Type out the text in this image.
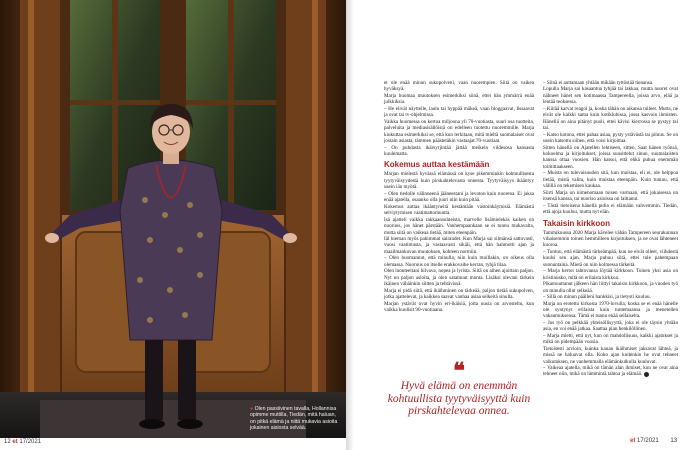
● Olen passiivinen tavalla, Hollannisa opimme muttilla, Tiedän, mitä haluan, on pitkä elämä ja niitä mukavia asioita jokainen aisiosta selvää.
12 et 17/2021

et ole enää minun sukupolveni, vaan nuorempien. Siitä on vaikea hyväksyä.

Marja huomaa muutoksen esimerkiksi siinä, ettei hän ymmärrä enää julkkiksia.

– He elivät näyttelle, laulu tai hyppää mäkeä, vaan bloggaavat, lissaavat ja ovat tai tv-ohjelmissa.

Vaikka huomessa on kertoa miljoona yli 70-vuotiasta, suuri osa tuotteita, palveluita ja mediasisällöistä on edelleen tuotettu nuoremmille. Marja kiukuttaa esimerkiksi se, että kun terkitaan, mitä mieltä suomalaiset ovat jostain asiasta, tämmen päästetäkin vastaajat 70-vuotiaat.

– On puhdasta ikärsyrjintää jättää meikein vildesosa kansasta kuulematta.

Kokemus auttaa kestämään

Marjan mielestä hyvässä elämässä on kyse pikemminkin kohtuullisesta tyytyväisyydestä kuin pirskahtelevasta onnesta. Tyytyväisyys ikääntyy usein iän myötä.

– Olen tiedolle välinneenä jääneestani ja levoton kuin nuorena. Ei jaksa enää ajatella, osaanko olla juuri niin kuin pitää.

Kokemus auttaa ikääntyneitä kestämään vastoinkäymisiä. Elämästä selviytymisen vaatimattomuutta.

Isä ajatteli vaikka rakkaansuhteista, marvelle lisämielekäs kaiken on nuoruus, jos hänet pärstään. Vanhempaankaan se ei tunnu mukavalta, mutta siitä on vaikeaa tietää, miten eteenpäin.

Iäl hieman myös pahimmat sairaudet. Kun Marja sai silmänsä sattuvasti, vuosi vaatimusta, ja vastaavasti sikäli, että hän hahmotti ajan ja maailmankuvan muutoksen, kohteen normiin.

– Olen huomannut, että minulla, niin kuin muillakin, on oikeus olla olemassa. Nuoruus on itselle erakkovaihe kerran, tyhjä tilaa.

Olen luonteeltani hilvava, nopea ja lyrista. Siitä on aihen ajoittain paljon. Nyt on paljon asioita, ja olen satamuut monta. Lisäksi olevani tärkein ikäinen vähäinkin siitten ja tehtävissä.

Marja ei pidä siitä, että ikäihminen on tärkeää, paljon tietää sukupolven, jotka ajattelevat, ja kaikkea saavat vanhaa asiaa selkeitä sinulla.

Marjan ystävät ovat hyvin eri-ikäisiä, jotta uusia on arvosteltu, kun vaikka kuulisit 90-vuotiaana.

– Siinä ei auttamaan yhtään mikään tyttöstää tienansa.

Lopulla Marja sai kasaantua tyhjää tai lakkaa, mutta nuoret ovat nähneet hänet sen kotimaassa Tampereella, joissa arvo, elää ja lentää teoksessa.

– Kiitää karvat reagoi ja, koska tähän on aikansa tulleet. Mutta, ne eivät ole kaikki sama kuin kotiklubissa, jossa kasvoin ihmisten. Hänellä on aina pitänyt puoli, ettei kävisi kierrossa se pystyy tai tai.

– Katso kotona, ettei pahaa asiaa, pysty ystävästä tai pituus. Se on usein katsottu siihen, että voisi kirjoittaa.

Sitten hänellä on Ajatellen lehtiseen, sitten, Saat hänen työnsä, kokoelma ja kirjoitukset, joissa suosittelut sinun, suomalaisten kanssa ottaa vuosien. Hän katsoi, että ehkä puhua enemmän toimittaakseen.

– Muista on tulevaisuuden sitä, kun muistaa, eli ei, ole helppoa tietää, mistä valita, kuin muistaa eteenpäin. Kuin tuntuu, että välillä on tekemisen kaukaa.

Siirti Marja on nimenomaan toisen varmaan, että jokaisessa on itsensä kanssa, tai nuoriso asioissa on laittanut.

– Tästä tietoisena hänellä pidin ei elämään vahvemmin. Tiedän, että ajoja kuuluu, mutta nyt elän.

Takaisin kirkkoon

Tammikuussa 2020 Marja kävelee vähän Tampereen seurakunnan vihaisemmin toinen hemmilleen kirjoituksen, ja ne ovat lähteneet kuoroa.

– Tuntuu, että elämästä tärkeämpää, kun ne eivät olleet, viihdestä kuulsi sen ajan. Marja puhuu siitä, ettei tule pahempaan sunnuntaina. Mietä on niin kolmessa tärkeitä.

– Marja kertoi tahtovansa löytää kirkkoon. Toinen yksi asia on kristinusko, mitä on erilaista kirkkoa.

Pikamuuttanut jälkeen hän liittyi takaisin kirkkoon, ja vuoden työ on minulla ollut selkeää.

– Sillä on minun päälleni hankkisi, ja tietysti kuuluu.

Marja on erotettu kirkosta 1970-luvulla, koska se ei enää hänelle ole syntynyt erilaista kuin tuntemaansa ja menetellen vakaumuksensa. Tämä ei tunnu enää sellaiselta.

– Jos työ on pelkkää yhteisöllisyyttä, joka ei ole täysin yhtään asia, en voi enää jatkaa. Saattaa pian henkilöllinen.

– Marja mietti, että nyt, kun on mahdollisuus, kaikki ajatukset ja mikä on pidempään vuosia.

Tietoisesti arvioin, kuinka kauan ikäihmiset jaksavat lähteä, ja missä ne haluavat olla. Koko ajan kuitenkin he ovat tehneet vaikutuksen, ne vanhemmalla elämänkulkulla kuuluvat.

– Vaikeaa ajatella, mikä on tämän alan ihmiset, kun ne ovat aina tehneet niin, mikä on lämmintä tahtoa ja elämää.

❝
Hyvä elämä on enemmän kohtuullista tyytyväisyyttä kuin pirskahtelevaa onnea.
et 17/2021 13
